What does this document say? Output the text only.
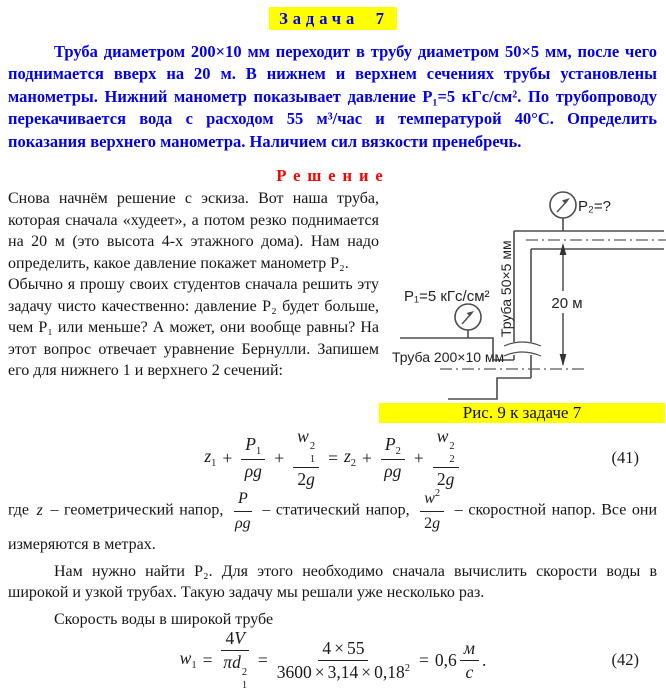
Задача 7

Труба диаметром 200×10 мм переходит в трубу диаметром 50×5 мм, после чего поднимается вверх на 20 м. В нижнем и верхнем сечениях трубы установлены манометры. Нижний манометр показывает давление P₁=5 кГс/см². По трубопроводу перекачивается вода с расходом 55 м³/час и температурой 40°С. Определить показания верхнего манометра. Наличием сил вязкости пренебречь.

Решение

Снова начнём решение с эскиза. Вот наша труба, которая сначала «худеет», а потом резко поднимается на 20 м (это высота 4-х этажного дома). Нам надо определить, какое давление покажет манометр P₂.

Обычно я прошу своих студентов сначала решить эту задачу чисто качественно: давление P₂ будет больше, чем P₁ или меньше? А может, они вообще равны? На этот вопрос отвечает уравнение Бернулли. Запишем его для нижнего 1 и верхнего 2 сечений:

P₂=?
20 м
P₁=5 кГс/см² Труба 50×5 мм
Труба 200×10 мм
Рис. 9 к задаче 7
$z_1 + \frac{P_1}{\rho g} + w$
2
1
$2g = z_2 + \frac{P_2}{\rho g} + w$
2
2
2g	(41)

где z – геометрический напор, $\frac{P}{\rho g}$ – статический напор, $\frac{w^2}{2g}$ – скоростной напор. Все они измеряются в метрах.

Нам нужно найти P₂. Для этого необходимо сначала вычислить скорости воды в широкой и узкой трубах. Такую задачу мы решали уже несколько раз.

Скорость воды в широкой трубе

$w_1 = 4V$
πd
2
$1 = \frac{4 \times 55}{3600 \times 3,14 \times 0,18^2} = 0,6 \frac{м}{с}$ .	(42)
